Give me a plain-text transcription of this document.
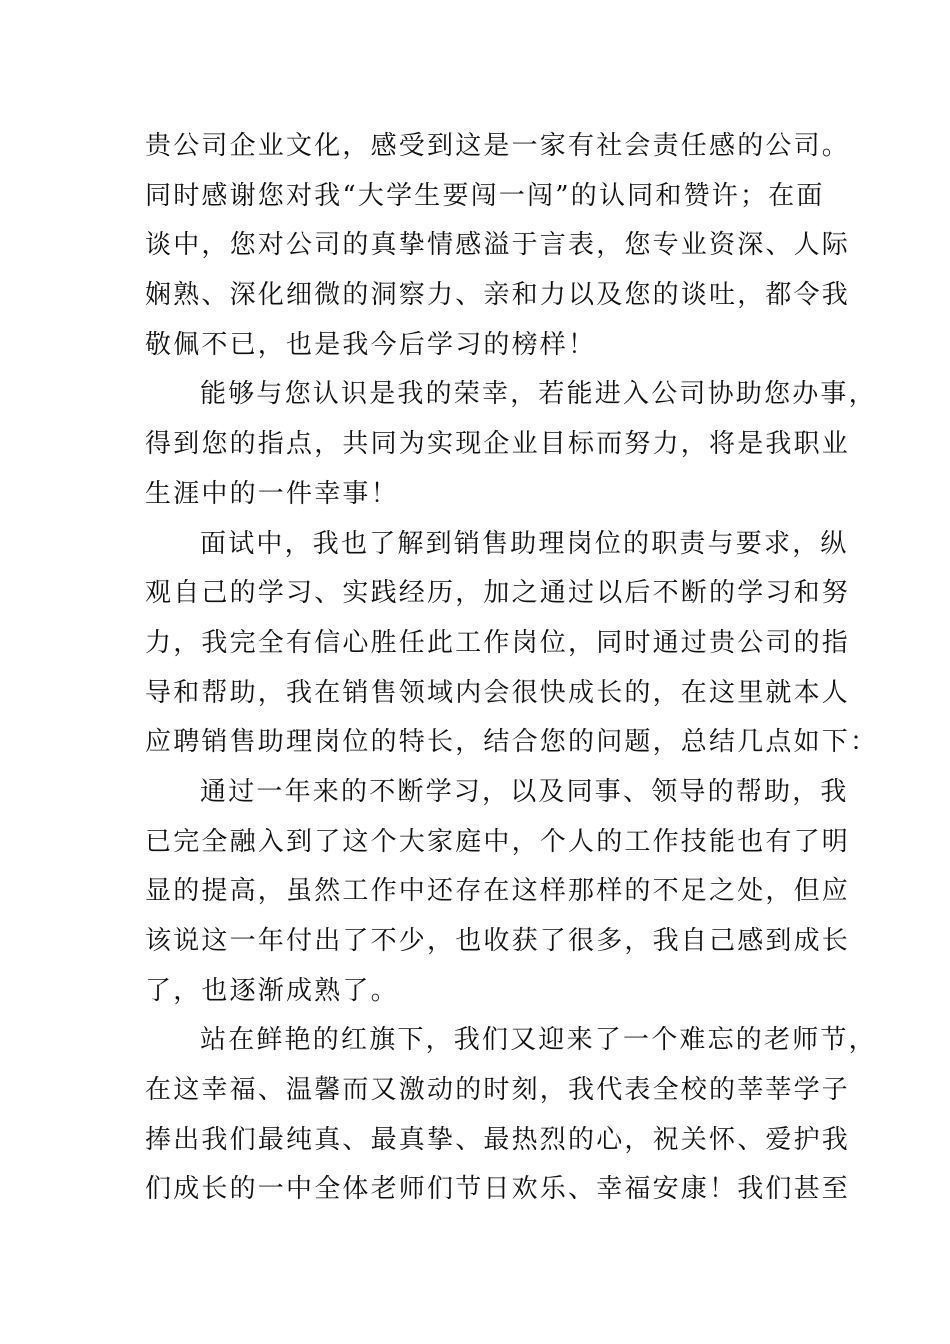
贵公司企业文化，感受到这是一家有社会责任感的公司。
同时感谢您对我“大学生要闯一闯”的认同和赞许；在面
谈中，您对公司的真挚情感溢于言表，您专业资深、人际
娴熟、深化细微的洞察力、亲和力以及您的谈吐，都令我
敬佩不已，也是我今后学习的榜样！
能够与您认识是我的荣幸，若能进入公司协助您办事，
得到您的指点，共同为实现企业目标而努力，将是我职业
生涯中的一件幸事！
面试中，我也了解到销售助理岗位的职责与要求，纵
观自己的学习、实践经历，加之通过以后不断的学习和努
力，我完全有信心胜任此工作岗位，同时通过贵公司的指
导和帮助，我在销售领域内会很快成长的，在这里就本人
应聘销售助理岗位的特长，结合您的问题，总结几点如下：
通过一年来的不断学习，以及同事、领导的帮助，我
已完全融入到了这个大家庭中，个人的工作技能也有了明
显的提高，虽然工作中还存在这样那样的不足之处，但应
该说这一年付出了不少，也收获了很多，我自己感到成长
了，也逐渐成熟了。
站在鲜艳的红旗下，我们又迎来了一个难忘的老师节，
在这幸福、温馨而又激动的时刻，我代表全校的莘莘学子
捧出我们最纯真、最真挚、最热烈的心，祝关怀、爱护我
们成长的一中全体老师们节日欢乐、幸福安康！我们甚至
